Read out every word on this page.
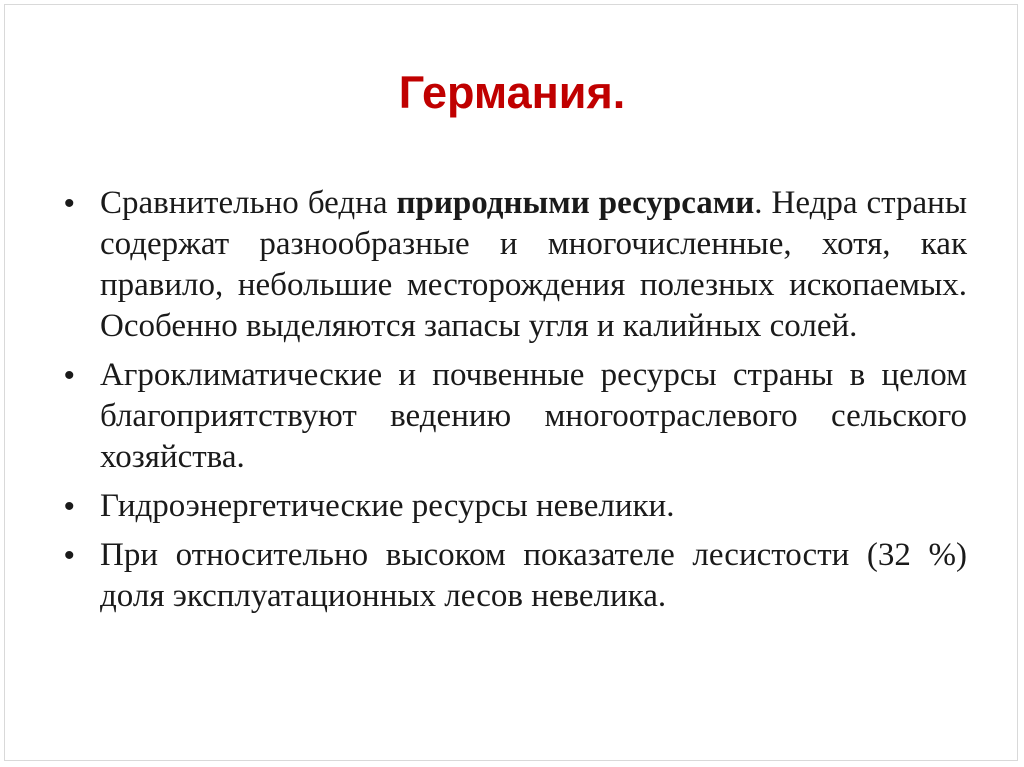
Германия.
• Сравнительно бедна природными ресурсами. Недра страны содержат разнообразные и многочисленные, хотя, как правило, небольшие месторождения полезных ископаемых. Особенно выделяются запасы угля и калийных солей.
• Агроклиматические и почвенные ресурсы страны в целом благоприятствуют ведению многоотраслевого сельского хозяйства.
• Гидроэнергетические ресурсы невелики.
• При относительно высоком показателе лесистости (32 %) доля эксплуатационных лесов невелика.
